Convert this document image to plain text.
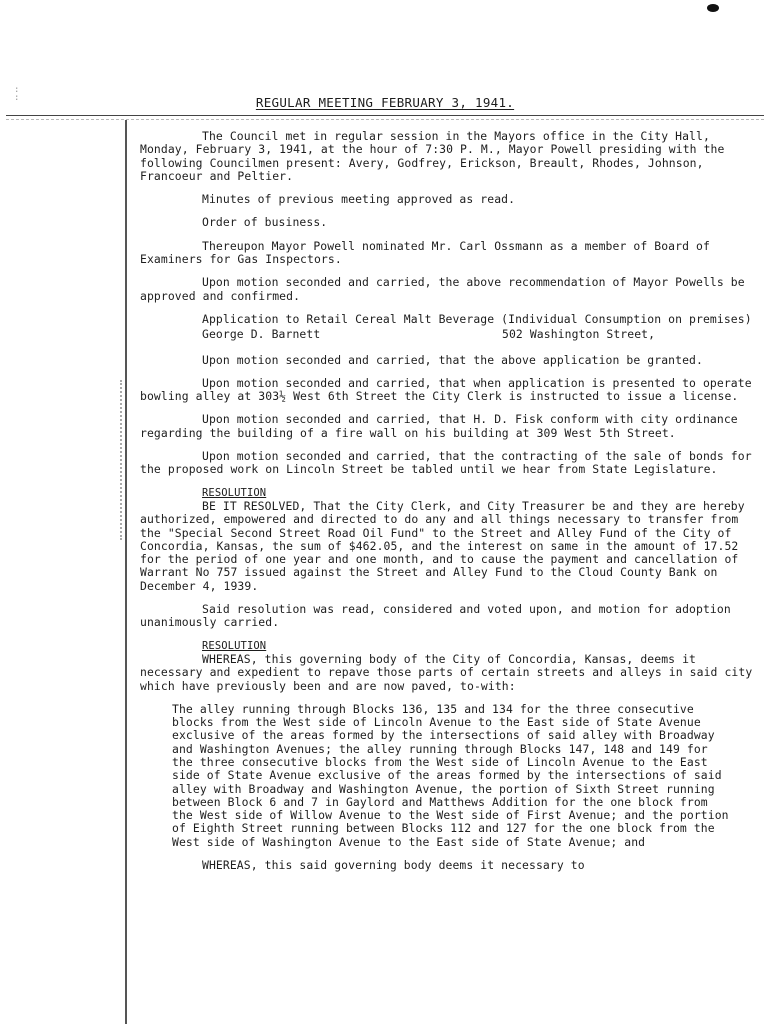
:
:	REGULAR MEETING FEBRUARY 3, 1941.

The Council met in regular session in the Mayors office in the City Hall, Monday, February 3, 1941, at the hour of 7:30 P. M., Mayor Powell presiding with the following Councilmen present: Avery, Godfrey, Erickson, Breault, Rhodes, Johnson, Francoeur and Peltier.

Minutes of previous meeting approved as read.

Order of business.

Thereupon Mayor Powell nominated Mr. Carl Ossmann as a member of Board of Examiners for Gas Inspectors.

Upon motion seconded and carried, the above recommendation of Mayor Powells be approved and confirmed.

Application to Retail Cereal Malt Beverage (Individual Consumption on premises)

George D. Barnett	502 Washington Street,

Upon motion seconded and carried, that the above application be granted.

Upon motion seconded and carried, that when application is presented to operate bowling alley at 303½ West 6th Street the City Clerk is instructed to issue a license.

Upon motion seconded and carried, that H. D. Fisk conform with city ordinance regarding the building of a fire wall on his building at 309 West 5th Street.

Upon motion seconded and carried, that the contracting of the sale of bonds for the proposed work on Lincoln Street be tabled until we hear from State Legislature.

RESOLUTION

BE IT RESOLVED, That the City Clerk, and City Treasurer be and they are hereby authorized, empowered and directed to do any and all things necessary to transfer from the "Special Second Street Road Oil Fund" to the Street and Alley Fund of the City of Concordia, Kansas, the sum of $462.05, and the interest on same in the amount of 17.52 for the period of one year and one month, and to cause the payment and cancellation of Warrant No 757 issued against the Street and Alley Fund to the Cloud County Bank on December 4, 1939.

Said resolution was read, considered and voted upon, and motion for adoption unanimously carried.

RESOLUTION

WHEREAS, this governing body of the City of Concordia, Kansas, deems it necessary and expedient to repave those parts of certain streets and alleys in said city which have previously been and are now paved, to-with:

The alley running through Blocks 136, 135 and 134 for the three consecutive blocks from the West side of Lincoln Avenue to the East side of State Avenue exclusive of the areas formed by the intersections of said alley with Broadway and Washington Avenues; the alley running through Blocks 147, 148 and 149 for the three consecutive blocks from the West side of Lincoln Avenue to the East side of State Avenue exclusive of the areas formed by the intersections of said alley with Broadway and Washington Avenue, the portion of Sixth Street running between Block 6 and 7 in Gaylord and Matthews Addition for the one block from the West side of Willow Avenue to the West side of First Avenue; and the portion of Eighth Street running between Blocks 112 and 127 for the one block from the West side of Washington Avenue to the East side of State Avenue; and

WHEREAS, this said governing body deems it necessary to
